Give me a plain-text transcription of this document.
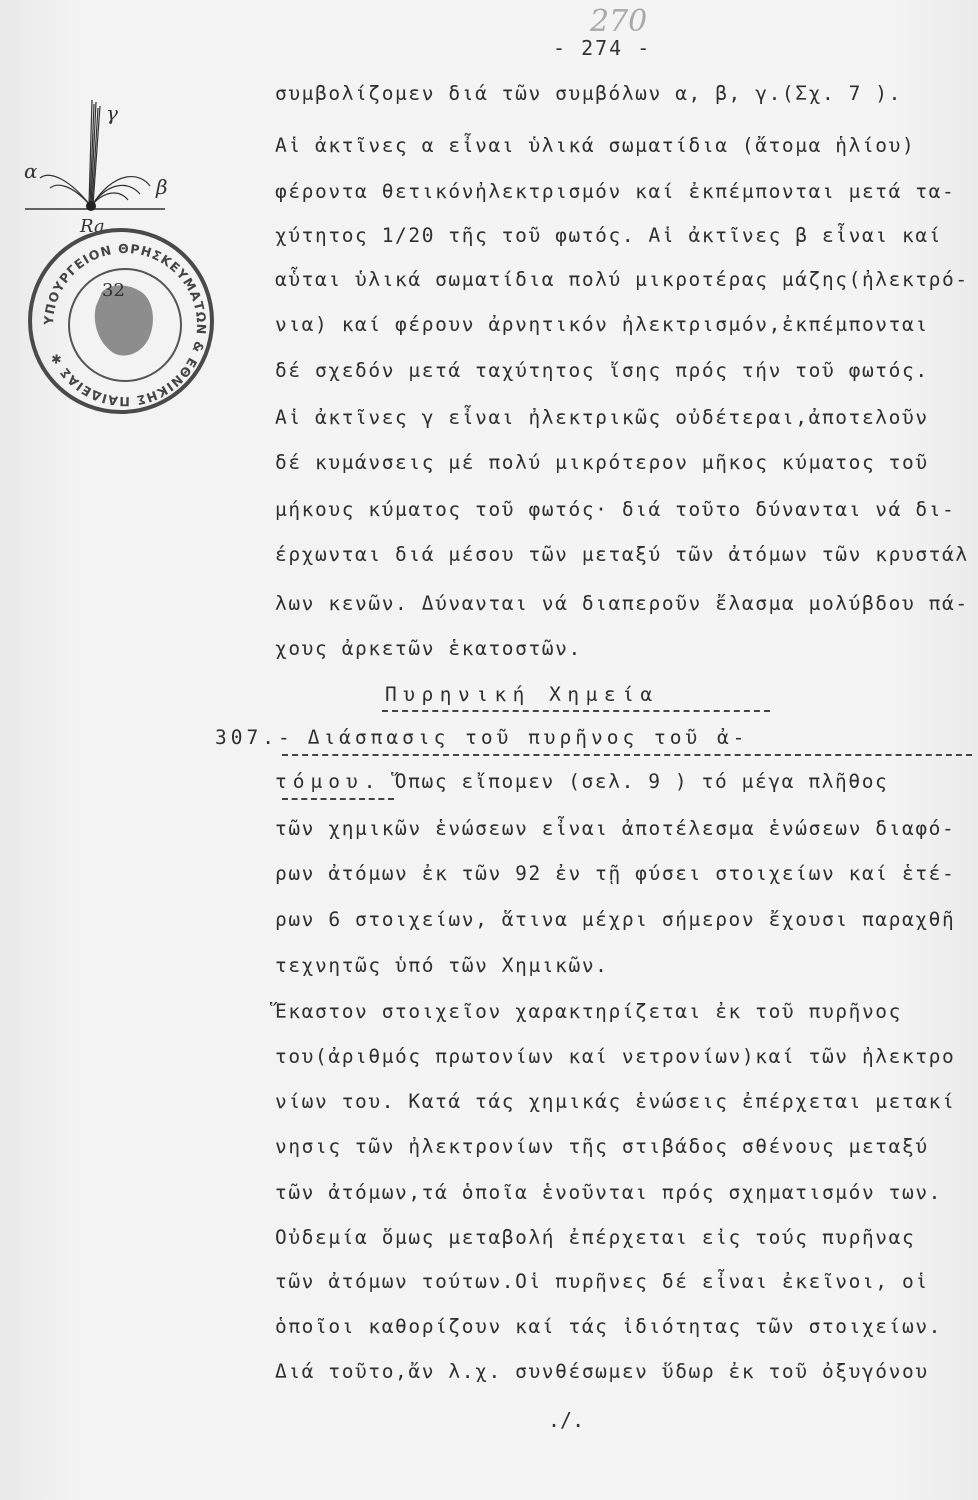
270
- 274 -
γ
α
β
Ra
ΥΠΟΥΡΓΕΙΟΝ ΘΡΗΣΚΕΥΜΑΤΩΝ & ΕΘΝΙΚΗΣ ΠΑΙΔΕΙΑΣ ✱
32
συμβολίζομεν διά τῶν συμβόλων α, β, γ.(Σχ. 7 ).
Αἱ ἀκτῖνες α εἶναι ὑλικά σωματίδια (ἄτομα ἡλίου)
φέροντα θετικόνἠλεκτρισμόν καί ἐκπέμπονται μετά τα-
χύτητος 1/20 τῆς τοῦ φωτός. Αἱ ἀκτῖνες β εἶναι καί
αὗται ὑλικά σωματίδια πολύ μικροτέρας μάζης(ἠλεκτρό-
νια) καί φέρουν ἀρνητικόν ἠλεκτρισμόν,ἐκπέμπονται
δέ σχεδόν μετά ταχύτητος ἴσης πρός τήν τοῦ φωτός.
Αἱ ἀκτῖνες γ εἶναι ἠλεκτρικῶς οὐδέτεραι,ἀποτελοῦν
δέ κυμάνσεις μέ πολύ μικρότερον μῆκος κύματος τοῦ
μήκους κύματος τοῦ φωτός· διά τοῦτο δύνανται νά δι-
έρχωνται διά μέσου τῶν μεταξύ τῶν ἀτόμων τῶν κρυστάλ
λων κενῶν. Δύνανται νά διαπεροῦν ἔλασμα μολύβδου πά-
χους ἀρκετῶν ἑκατοστῶν.
Πυρηνική Χημεία
307.- Διάσπασις τοῦ πυρῆνος τοῦ ἀ-
τόμου. Ὅπως εἴπομεν (σελ. 9 ) τό μέγα πλῆθος
τῶν χημικῶν ἑνώσεων εἶναι ἀποτέλεσμα ἑνώσεων διαφό-
ρων ἀτόμων ἐκ τῶν 92 ἐν τῇ φύσει στοιχείων καί ἑτέ-
ρων 6 στοιχείων, ἅτινα μέχρι σήμερον ἔχουσι παραχθῆ
τεχνητῶς ὑπό τῶν Χημικῶν.
Ἕκαστον στοιχεῖον χαρακτηρίζεται ἐκ τοῦ πυρῆνος
του(ἀριθμός πρωτονίων καί νετρονίων)καί τῶν ἠλεκτρο
νίων του. Κατά τάς χημικάς ἑνώσεις ἐπέρχεται μετακί
νησις τῶν ἠλεκτρονίων τῆς στιβάδος σθένους μεταξύ
τῶν ἀτόμων,τά ὁποῖα ἑνοῦνται πρός σχηματισμόν των.
Οὐδεμία ὅμως μεταβολή ἐπέρχεται εἰς τούς πυρῆνας
τῶν ἀτόμων τούτων.Οἱ πυρῆνες δέ εἶναι ἐκεῖνοι, οἱ
ὁποῖοι καθορίζουν καί τάς ἰδιότητας τῶν στοιχείων.
Διά τοῦτο,ἄν λ.χ. συνθέσωμεν ὕδωρ ἐκ τοῦ ὀξυγόνου
./.
